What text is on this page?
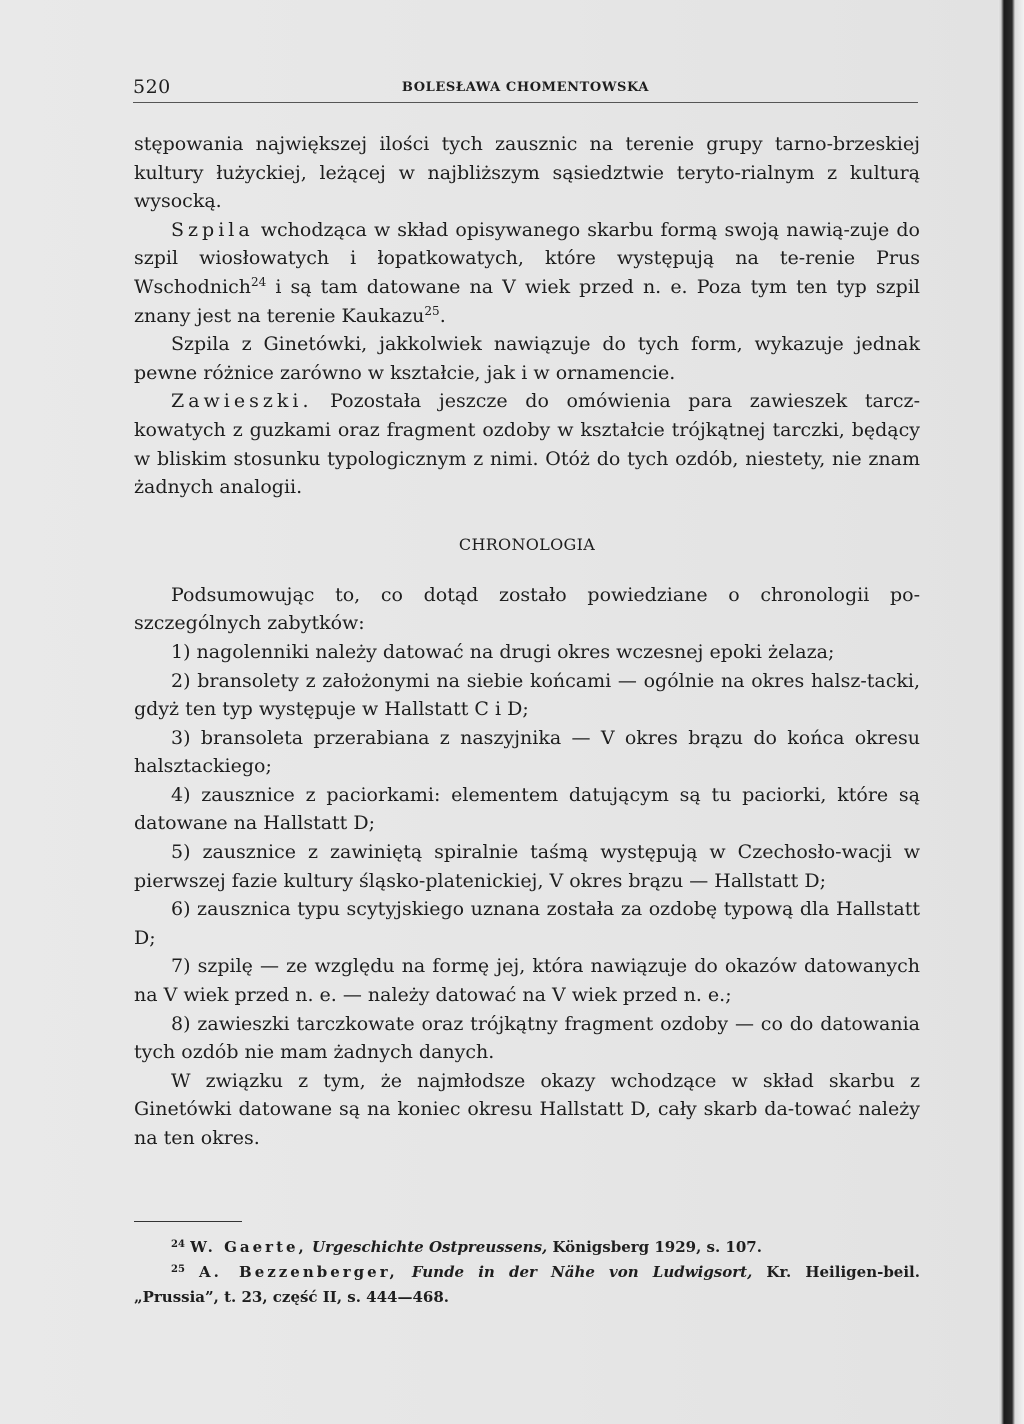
520	BOLESŁAWA CHOMENTOWSKA

stępowania największej ilości tych zausznic na terenie grupy tarno-brzeskiej kultury łużyckiej, leżącej w najbliższym sąsiedztwie teryto-rialnym z kulturą wysocką.

Szpila wchodząca w skład opisywanego skarbu formą swoją nawią-zuje do szpil wiosłowatych i łopatkowatych, które występują na te-renie Prus Wschodnich$^{24}$ i są tam datowane na V wiek przed n. e. Poza tym ten typ szpil znany jest na terenie Kaukazu$^{25}$.

Szpila z Ginetówki, jakkolwiek nawiązuje do tych form, wykazuje jednak pewne różnice zarówno w kształcie, jak i w ornamencie.

Zawieszki. Pozostała jeszcze do omówienia para zawieszek tarcz-kowatych z guzkami oraz fragment ozdoby w kształcie trójkątnej tarczki, będący w bliskim stosunku typologicznym z nimi. Otóż do tych ozdób, niestety, nie znam żadnych analogii.

CHRONOLOGIA

Podsumowując to, co dotąd zostało powiedziane o chronologii po-szczególnych zabytków:

1) nagolenniki należy datować na drugi okres wczesnej epoki żelaza;

2) bransolety z założonymi na siebie końcami — ogólnie na okres halsz-tacki, gdyż ten typ występuje w Hallstatt C i D;

3) bransoleta przerabiana z naszyjnika — V okres brązu do końca okresu halsztackiego;

4) zausznice z paciorkami: elementem datującym są tu paciorki, które są datowane na Hallstatt D;

5) zausznice z zawiniętą spiralnie taśmą występują w Czechosło-wacji w pierwszej fazie kultury śląsko-platenickiej, V okres brązu — Hallstatt D;

6) zausznica typu scytyjskiego uznana została za ozdobę typową dla Hallstatt D;

7) szpilę — ze względu na formę jej, która nawiązuje do okazów datowanych na V wiek przed n. e. — należy datować na V wiek przed n. e.;

8) zawieszki tarczkowate oraz trójkątny fragment ozdoby — co do datowania tych ozdób nie mam żadnych danych.

W związku z tym, że najmłodsze okazy wchodzące w skład skarbu z Ginetówki datowane są na koniec okresu Hallstatt D, cały skarb da-tować należy na ten okres.

$^{24}$ W. Gaerte, Urgeschichte Ostpreussens, Königsberg 1929, s. 107.

$^{25}$ A. Bezzenberger, Funde in der Nähe von Ludwigsort, Kr. Heiligen-beil. „Prussia”, t. 23, część II, s. 444—468.
